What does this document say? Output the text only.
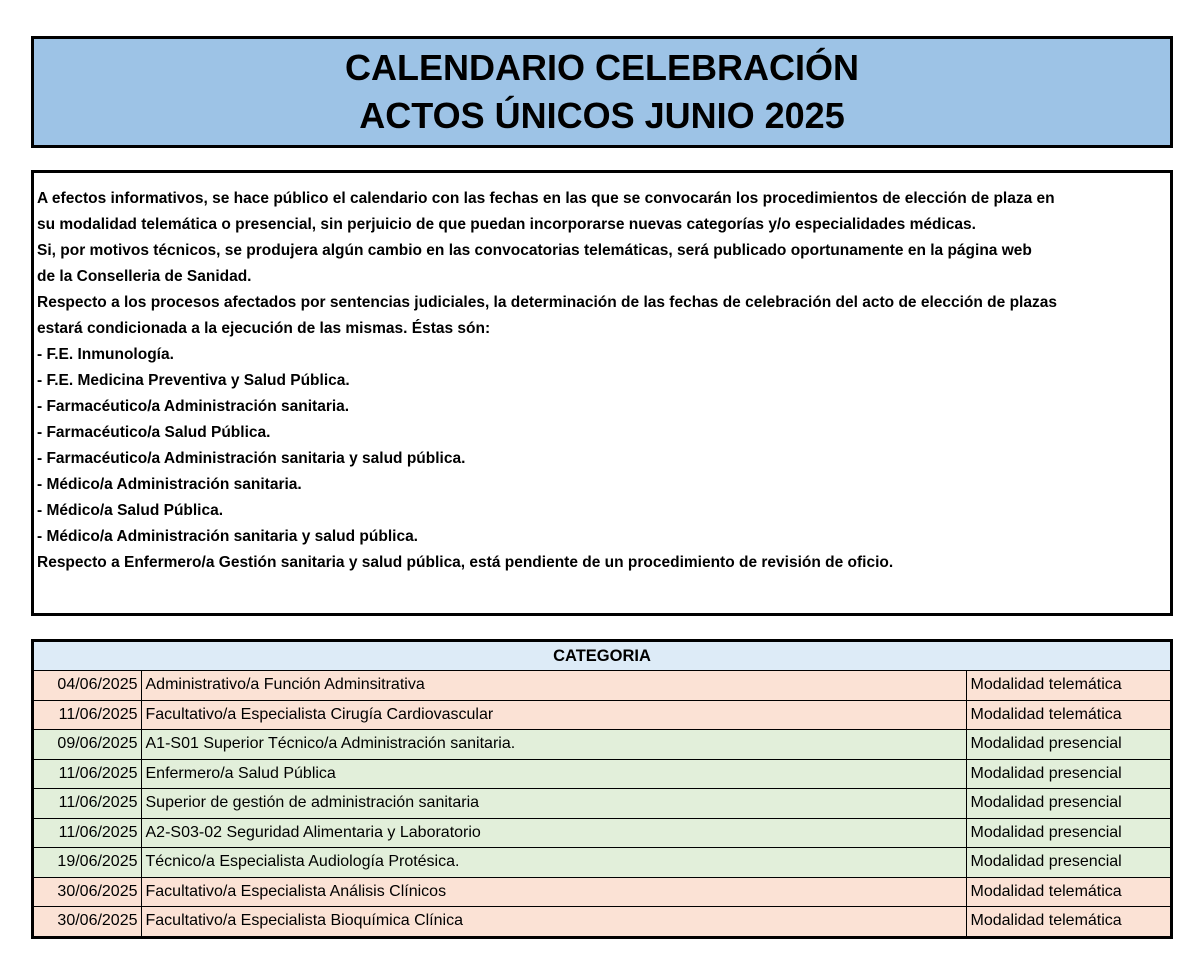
CALENDARIO CELEBRACIÓN
ACTOS ÚNICOS JUNIO 2025

A efectos informativos, se hace público el calendario con las fechas en las que se convocarán los procedimientos de elección de plaza en

su modalidad telemática o presencial, sin perjuicio de que puedan incorporarse nuevas categorías y/o especialidades médicas.

Si, por motivos técnicos, se produjera algún cambio en las convocatorias telemáticas, será publicado oportunamente en la página web

de la Conselleria de Sanidad.

Respecto a los procesos afectados por sentencias judiciales, la determinación de las fechas de celebración del acto de elección de plazas

estará condicionada a la ejecución de las mismas. Éstas són:

- F.E. Inmunología.

- F.E. Medicina Preventiva y Salud Pública.

- Farmacéutico/a Administración sanitaria.

- Farmacéutico/a Salud Pública.

- Farmacéutico/a Administración sanitaria y salud pública.

- Médico/a Administración sanitaria.

- Médico/a Salud Pública.

- Médico/a Administración sanitaria y salud pública.

Respecto a Enfermero/a Gestión sanitaria y salud pública, está pendiente de un procedimiento de revisión de oficio.

CATEGORIA		
04/06/2025	Administrativo/a Función Adminsitrativa	Modalidad telemática
11/06/2025	Facultativo/a Especialista Cirugía Cardiovascular	Modalidad telemática
09/06/2025	A1-S01 Superior Técnico/a Administración sanitaria.	Modalidad presencial
11/06/2025	Enfermero/a Salud Pública	Modalidad presencial
11/06/2025	Superior de gestión de administración sanitaria	Modalidad presencial
11/06/2025	A2-S03-02 Seguridad Alimentaria y Laboratorio	Modalidad presencial
19/06/2025	Técnico/a Especialista Audiología Protésica.	Modalidad presencial
30/06/2025	Facultativo/a Especialista Análisis Clínicos	Modalidad telemática
30/06/2025	Facultativo/a Especialista Bioquímica Clínica	Modalidad telemática
